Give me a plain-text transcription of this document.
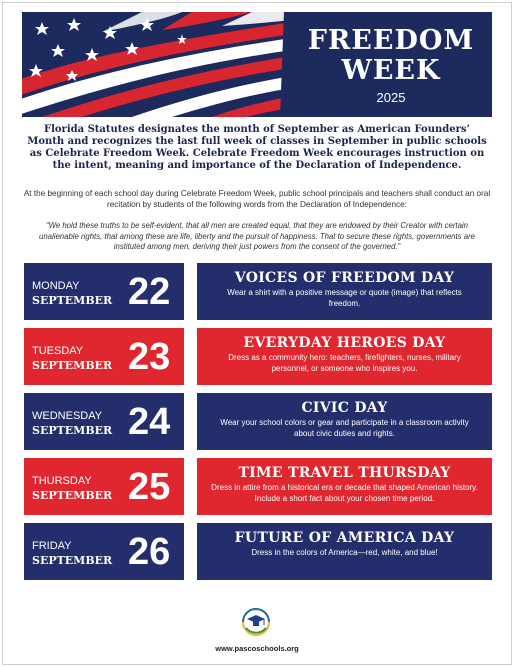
FREEDOM
WEEK
2025
Florida Statutes designates the month of September as American Founders’ Month and recognizes the last full week of classes in September in public schools as Celebrate Freedom Week. Celebrate Freedom Week encourages instruction on the intent, meaning and importance of the Declaration of Independence.
At the beginning of each school day during Celebrate Freedom Week, public school principals and teachers shall conduct an oral recitation by students of the following words from the Declaration of Independence:
“We hold these truths to be self-evident, that all men are created equal, that they are endowed by their Creator with certain unalienable rights, that among these are life, liberty and the pursuit of happiness. That to secure these rights, governments are instituted among men, deriving their just powers from the consent of the governed.”
MONDAY
SEPTEMBER 22	VOICES OF FREEDOM DAY
Wear a shirt with a positive message or quote (image) that reflects freedom.
TUESDAY
SEPTEMBER 23	EVERYDAY HEROES DAY
Dress as a community hero: teachers, firefighters, nurses, military personnel, or someone who inspires you.
WEDNESDAY
SEPTEMBER 24	CIVIC DAY
Wear your school colors or gear and participate in a classroom activity about civic duties and rights.
THURSDAY
SEPTEMBER 25	TIME TRAVEL THURSDAY
Dress in attire from a historical era or decade that shaped American history. Include a short fact about your chosen time period.
FRIDAY
SEPTEMBER 26	FUTURE OF AMERICA DAY
Dress in the colors of America—red, white, and blue!
www.pascoschools.org
